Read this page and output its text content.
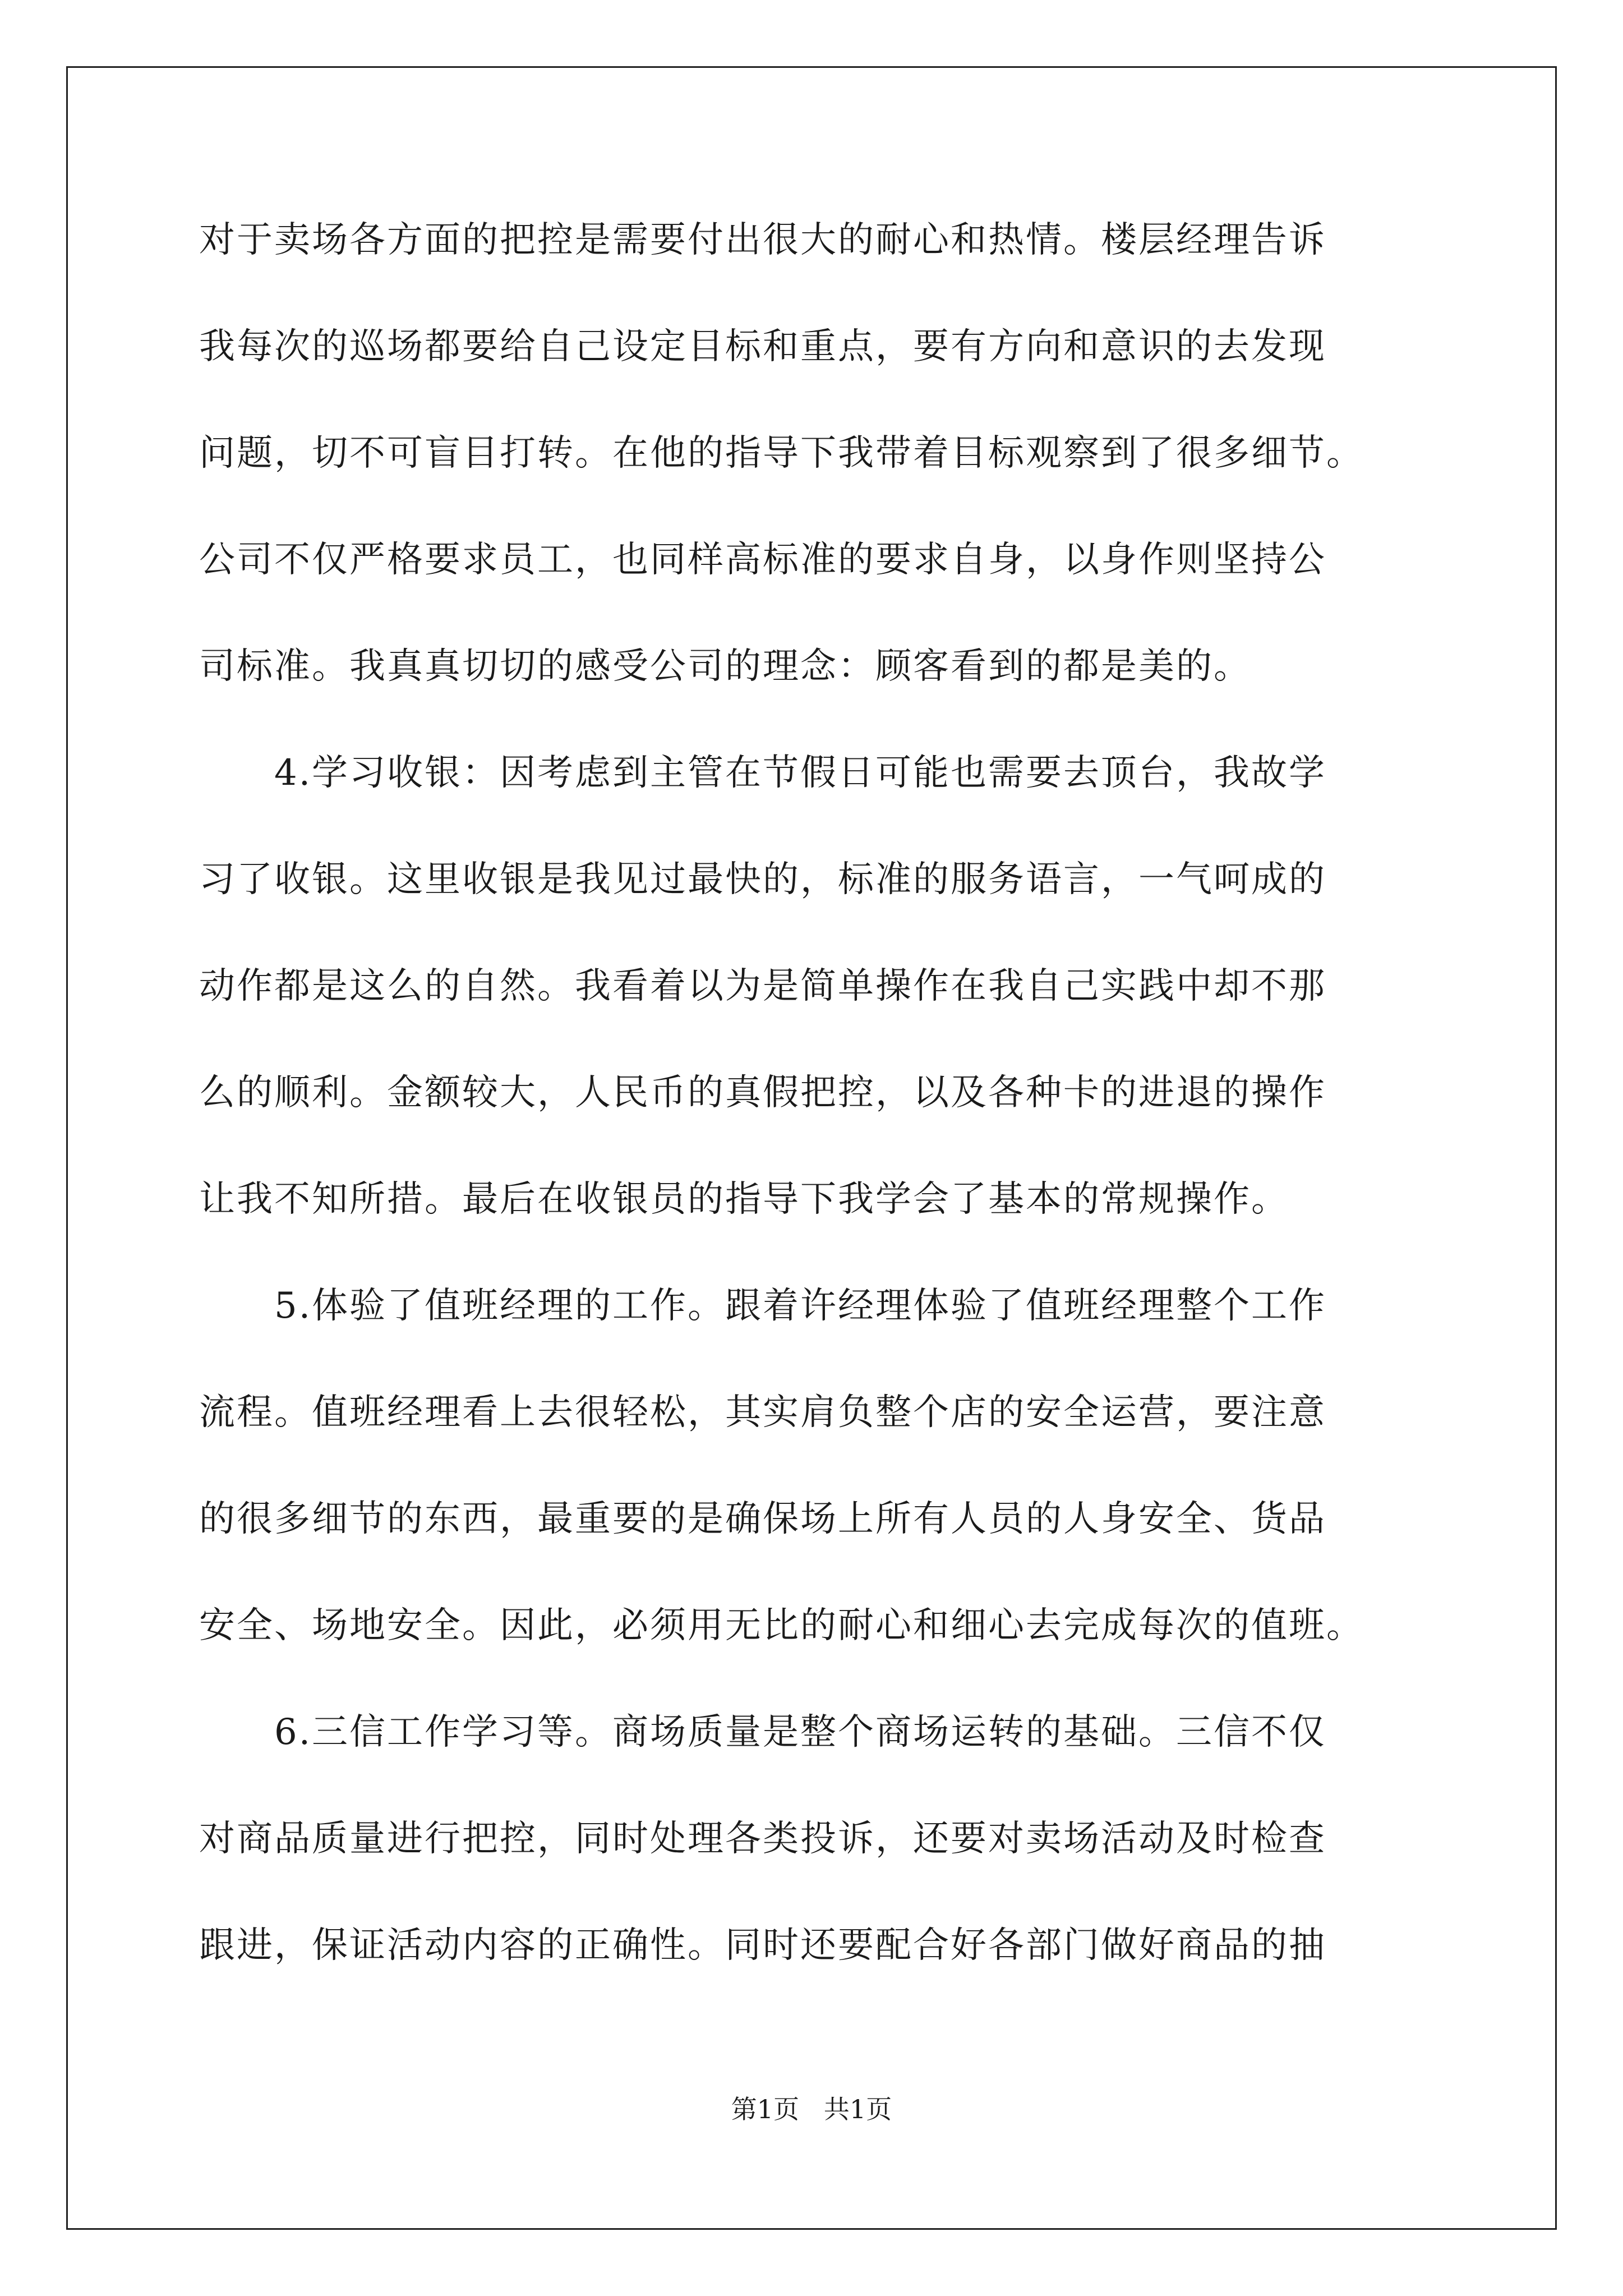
对于卖场各方面的把控是需要付出很大的耐心和热情。楼层经理告诉
我每次的巡场都要给自己设定目标和重点，要有方向和意识的去发现
问题，切不可盲目打转。在他的指导下我带着目标观察到了很多细节。
公司不仅严格要求员工，也同样高标准的要求自身，以身作则坚持公
司标准。我真真切切的感受公司的理念：顾客看到的都是美的。
　　4.学习收银：因考虑到主管在节假日可能也需要去顶台，我故学
习了收银。这里收银是我见过最快的，标准的服务语言，一气呵成的
动作都是这么的自然。我看着以为是简单操作在我自己实践中却不那
么的顺利。金额较大，人民币的真假把控，以及各种卡的进退的操作
让我不知所措。最后在收银员的指导下我学会了基本的常规操作。
　　5.体验了值班经理的工作。跟着许经理体验了值班经理整个工作
流程。值班经理看上去很轻松，其实肩负整个店的安全运营，要注意
的很多细节的东西，最重要的是确保场上所有人员的人身安全、货品
安全、场地安全。因此，必须用无比的耐心和细心去完成每次的值班。
　　6.三信工作学习等。商场质量是整个商场运转的基础。三信不仅
对商品质量进行把控，同时处理各类投诉，还要对卖场活动及时检查
跟进，保证活动内容的正确性。同时还要配合好各部门做好商品的抽
第1页   共1页
